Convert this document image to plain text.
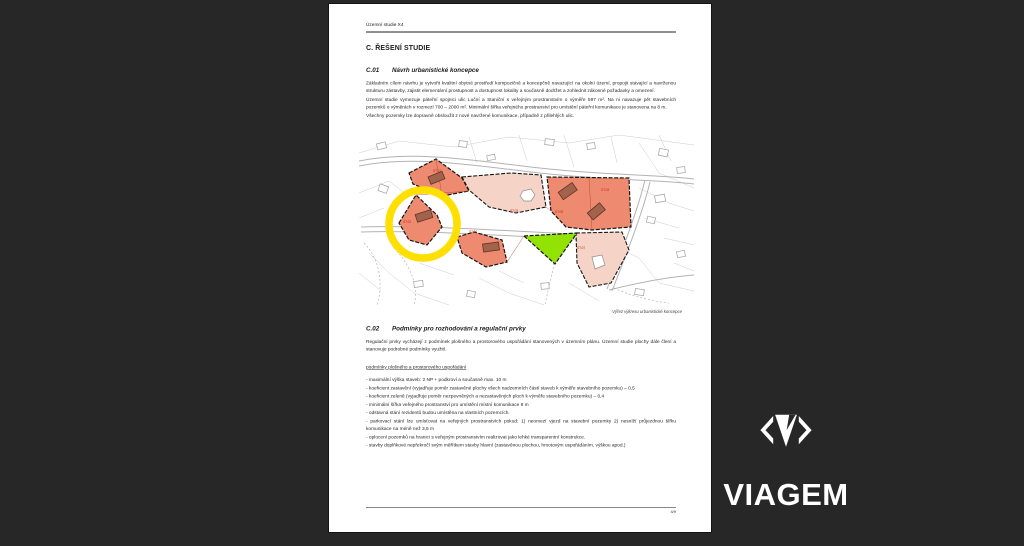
Územní studie X4
C. ŘEŠENÍ STUDIE
C.01	Návrh urbanistické koncepce
Základním cílem návrhu je vytvořit kvalitní obytné prostředí kompozičně a koncepčně navazující na okolní území, propojit stávající a navrženou strukturu zástavby, zajistit elementární prostupnost a dostupnost lokality a současně dodržet a zohlednit zákonné požadavky a omezení.
Územní studie vymezuje páteřní spojnici ulic Luční a Staniční s veřejným prostranstvím o výměře 597 m². Na ni navazuje pět stavebních pozemků o výměrách v rozmezí 700 – 2000 m². Minimální šířka veřejného prostranství pro umístění páteřní komunikace je stanovena na 8 m.
Všechny pozemky lze dopravně obsloužit z nové navržené komunikace, případně z přilehlých ulic.
ST.01
ST.02
ST.03
ST.04
ST.05
ST.06
ST.07
Výřez výkresu urbanistické koncepce
C.02	Podmínky pro rozhodování a regulační prvky
Regulační prvky vycházejí z podmínek plošného a prostorového uspořádání stanovených v územním plánu. Územní studie plochy dále člení a stanovuje podrobné podmínky využití.
podmínky plošného a prostorového uspořádání
- maximální výška staveb: 2 NP + podkroví a současně max. 10 m
- koeficient zastavění (vyjadřuje poměr zastavěné plochy všech nadzemních částí staveb k výměře stavebního pozemku) – 0,5
- koeficient zeleně (vyjadřuje poměr nezpevněných a nezastavěných ploch k výměře stavebního pozemku) – 0,4
- minimální šířka veřejného prostranství pro umístění místní komunikace 8 m
- odstavná stání rezidentů budou umístěna na vlastních pozemcích.
- parkovací stání lze umísťovat na veřejných prostranstvích pokud: 1) neomezí vjezd na stavební pozemky 2) nesníží průjezdnou šířku komunikace na méně než 3,5 m
- oplocení pozemků na hranici s veřejným prostranstvím realizovat jako lehké transparentní konstrukce.
- stavby doplňkové nepřekročí svým měřítkem stavby hlavní (zastavěnou plochou, hmotovým uspořádáním, výškou apod.)
4/9	VIAGEM
